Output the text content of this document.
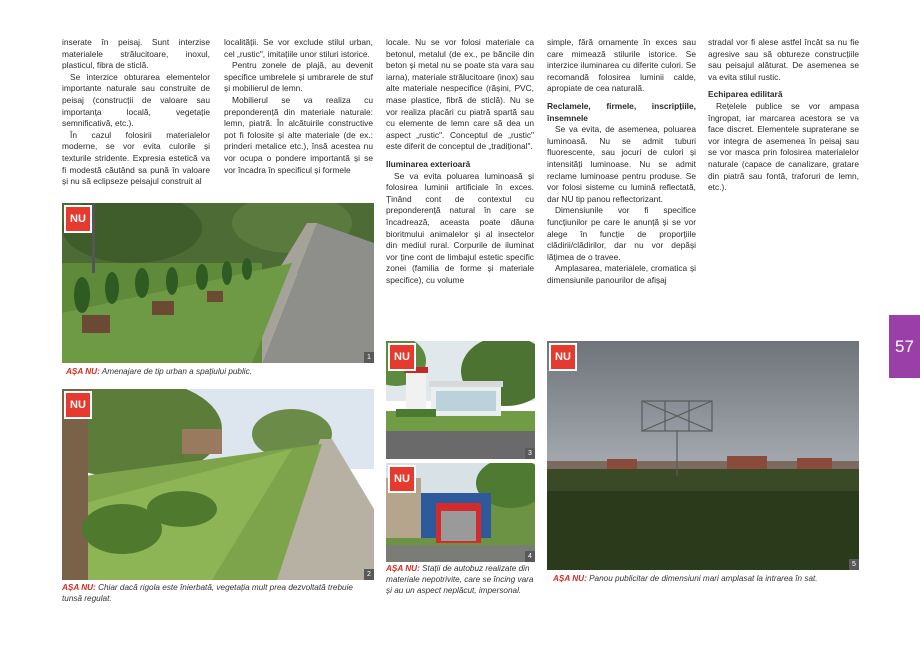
inserate în peisaj. Sunt interzise materialele strălucitoare, inoxul, plasticul, fibra de sticlă.

Se interzice obturarea elementelor importante naturale sau construite de peisaj (construcții de valoare sau importanța locală, vegetație semnificativă, etc.).

În cazul folosirii materialelor moderne, se vor evita culorile și texturile stridente. Expresia estetică va fi modestă căutând sa pună în valoare și nu să eclipseze peisajul construit al

localității. Se vor exclude stilul urban, cel „rustic", imitațiile unor stiluri istorice.

Pentru zonele de plajă, au devenit specifice umbrelele și umbrarele de stuf și mobilierul de lemn.

Mobilierul se va realiza cu preponderență din materiale naturale: lemn, piatră. În alcătuirile constructive pot fi folosite și alte materiale (de ex.: prinderi metalice etc.), însă acestea nu vor ocupa o pondere importantă și se vor încadra în specificul și formele

locale. Nu se vor folosi materiale ca betonul, metalul (de ex., pe băncile din beton și metal nu se poate sta vara sau iarna), materiale strălucitoare (inox) sau alte materiale nespecifice (rășini, PVC, mase plastice, fibră de sticlă). Nu se vor realiza placări cu piatră spartă sau cu elemente de lemn care să dea un aspect „rustic". Conceptul de „rustic" este diferit de conceptul de „tradițional".

Iluminarea exterioară

Se va evita poluarea luminoasă și folosirea luminii artificiale în exces. Ținând cont de contextul cu preponderență natural în care se încadrează, aceasta poate dăuna bioritmului animalelor și al insectelor din mediul rural. Corpurile de iluminat vor ține cont de limbajul estetic specific zonei (familia de forme și materiale specifice), cu volume

simple, fără ornamente în exces sau care mimează stilurile istorice. Se interzice iluminarea cu diferite culori. Se recomandă folosirea luminii calde, apropiate de cea naturală.

Reclamele, firmele, inscripțiile, însemnele

Se va evita, de asemenea, poluarea luminoasă. Nu se admit tuburi fluorescente, sau jocuri de culori și intensități luminoase. Nu se admit reclame luminoase pentru produse. Se vor folosi sisteme cu lumină reflectată, dar NU tip panou reflectorizant.

Dimensiunile vor fi specifice funcțiunilor pe care le anunță și se vor alege în funcție de proporțiile clădirii/clădirilor, dar nu vor depăși lățimea de o travee.

Amplasarea, materialele, cromatica și dimensiunile panourilor de afișaj

stradal vor fi alese astfel încât sa nu fie agresive sau să obtureze construcțiile sau peisajul alăturat. De asemenea se va evita stilul rustic.

Echiparea edilitară

Rețelele publice se vor ampasa îngropat, iar marcarea acestora se va face discret. Elementele supraterane se vor integra de asemenea în peisaj sau se vor masca prin folosirea materialelor naturale (capace de canalizare, gratare din piatră sau fontă, traforuri de lemn, etc.).

NU
1
AȘA NU: Amenajare de tip urban a spațiului public.
NU
2
AȘA NU: Chiar dacă rigola este înierbată, vegetația mult prea dezvoltată trebuie tunsă regulat.
NU
3
NU
4
AȘA NU: Stații de autobuz realizate din materiale nepotrivite, care se încing vara și au un aspect neplăcut, impersonal.
NU
5
AȘA NU: Panou publicitar de dimensiuni mari amplasat la intrarea în sat.
57
